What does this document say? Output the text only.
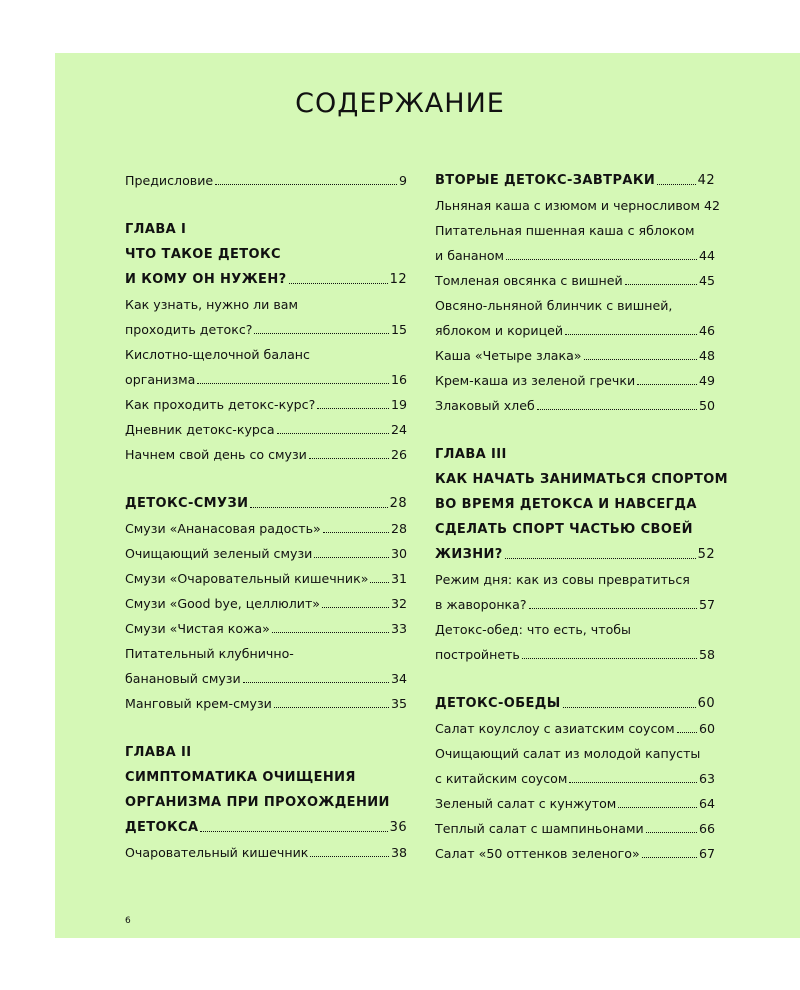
СОДЕРЖАНИЕ
Предисловие	9
ГЛАВА I
ЧТО ТАКОЕ ДЕТОКС
И КОМУ ОН НУЖЕН?	12
Как узнать, нужно ли вам
проходить детокс?	15
Кислотно-щелочной баланс
организма	16
Как проходить детокс-курс?	19
Дневник детокс-курса	24
Начнем свой день со смузи	26
ДЕТОКС-СМУЗИ	28
Смузи «Ананасовая радость»	28
Очищающий зеленый смузи	30
Смузи «Очаровательный кишечник» 31
Смузи «Good bye, целлюлит»	32
Смузи «Чистая кожа»	33
Питательный клубнично-
банановый смузи	34
Манговый крем-смузи	35
ГЛАВА II
СИМПТОМАТИКА ОЧИЩЕНИЯ
ОРГАНИЗМА ПРИ ПРОХОЖДЕНИИ
ДЕТОКСА	36
Очаровательный кишечник	38
ВТОРЫЕ ДЕТОКС-ЗАВТРАКИ	42
Льняная каша с изюмом и черносливом 42
Питательная пшенная каша с яблоком
и бананом	44
Томленая овсянка с вишней	45
Овсяно-льняной блинчик с вишней,
яблоком и корицей	46
Каша «Четыре злака»	48
Крем-каша из зеленой гречки	49
Злаковый хлеб	50
ГЛАВА III
КАК НАЧАТЬ ЗАНИМАТЬСЯ СПОРТОМ
ВО ВРЕМЯ ДЕТОКСА И НАВСЕГДА
СДЕЛАТЬ СПОРТ ЧАСТЬЮ СВОЕЙ
ЖИЗНИ?	52
Режим дня: как из совы превратиться
в жаворонка?	57
Детокс-обед: что есть, чтобы
постройнеть	58
ДЕТОКС-ОБЕДЫ	60
Салат коулслоу с азиатским соусом 60
Очищающий салат из молодой капусты
с китайским соусом	63
Зеленый салат с кунжутом	64
Теплый салат с шампиньонами	66
Салат «50 оттенков зеленого»	67
6
